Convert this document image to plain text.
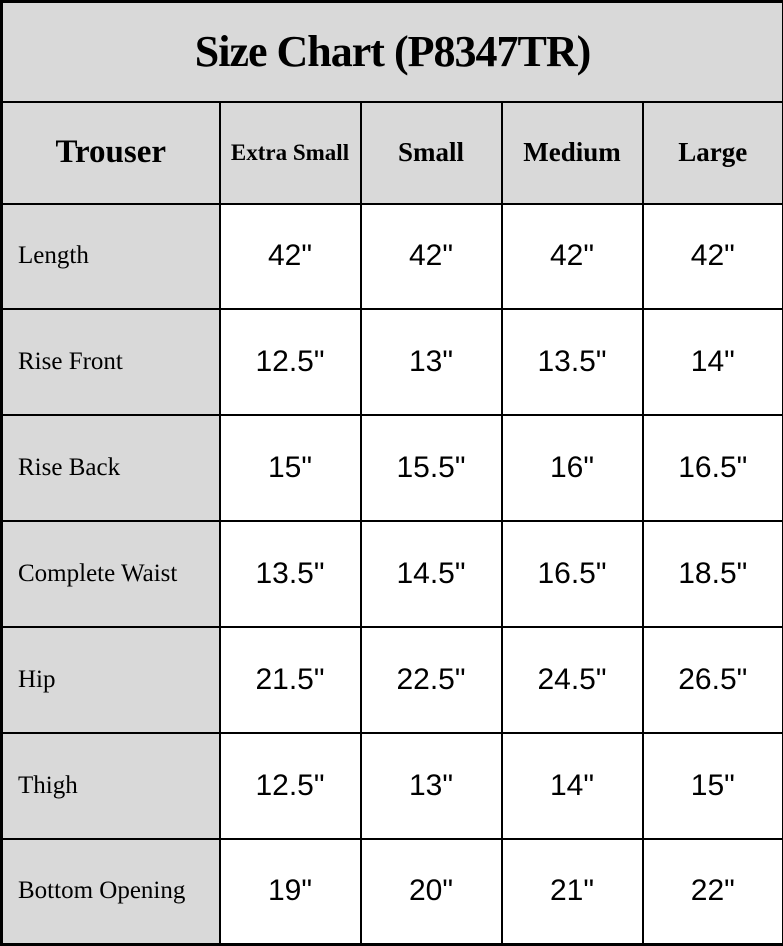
Size Chart (P8347TR)				
Trouser	Extra Small	Small	Medium	Large
Length	42"	42"	42"	42"
Rise Front	12.5"	13"	13.5"	14"
Rise Back	15"	15.5"	16"	16.5"
Complete Waist	13.5"	14.5"	16.5"	18.5"
Hip	21.5"	22.5"	24.5"	26.5"
Thigh	12.5"	13"	14"	15"
Bottom Opening	19"	20"	21"	22"
